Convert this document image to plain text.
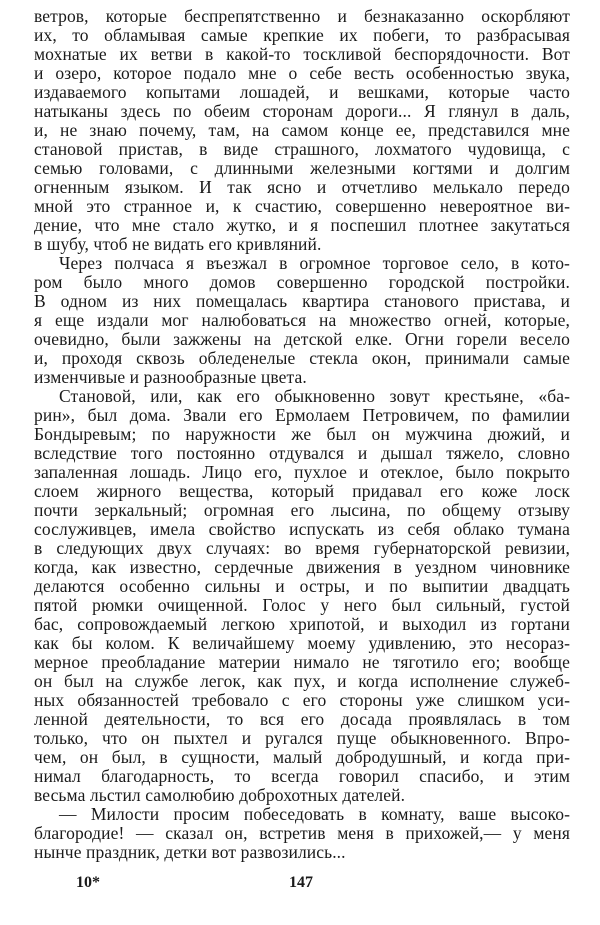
ветров, которые беспрепятственно и безнаказанно оскорбляют
их, то обламывая самые крепкие их побеги, то разбрасывая
мохнатые их ветви в какой-то тоскливой беспорядочности. Вот
и озеро, которое подало мне о себе весть особенностью звука,
издаваемого копытами лошадей, и вешками, которые часто
натыканы здесь по обеим сторонам дороги... Я глянул в даль,
и, не знаю почему, там, на самом конце ее, представился мне
становой пристав, в виде страшного, лохматого чудовища, с
семью головами, с длинными железными когтями и долгим
огненным языком. И так ясно и отчетливо мелькало передо
мной это странное и, к счастию, совершенно невероятное ви-
дение, что мне стало жутко, и я поспешил плотнее закутаться
в шубу, чтоб не видать его кривляний.
Через полчаса я въезжал в огромное торговое село, в кото-
ром было много домов совершенно городской постройки.
В одном из них помещалась квартира станового пристава, и
я еще издали мог налюбоваться на множество огней, которые,
очевидно, были зажжены на детской елке. Огни горели весело
и, проходя сквозь обледенелые стекла окон, принимали самые
изменчивые и разнообразные цвета.
Становой, или, как его обыкновенно зовут крестьяне, «ба-
рин», был дома. Звали его Ермолаем Петровичем, по фамилии
Бондыревым; по наружности же был он мужчина дюжий, и
вследствие того постоянно отдувался и дышал тяжело, словно
запаленная лошадь. Лицо его, пухлое и отеклое, было покрыто
слоем жирного вещества, который придавал его коже лоск
почти зеркальный; огромная его лысина, по общему отзыву
сослуживцев, имела свойство испускать из себя облако тумана
в следующих двух случаях: во время губернаторской ревизии,
когда, как известно, сердечные движения в уездном чиновнике
делаются особенно сильны и остры, и по выпитии двадцать
пятой рюмки очищенной. Голос у него был сильный, густой
бас, сопровождаемый легкою хрипотой, и выходил из гортани
как бы колом. К величайшему моему удивлению, это несораз-
мерное преобладание материи нимало не тяготило его; вообще
он был на службе легок, как пух, и когда исполнение служеб-
ных обязанностей требовало с его стороны уже слишком уси-
ленной деятельности, то вся его досада проявлялась в том
только, что он пыхтел и ругался пуще обыкновенного. Впро-
чем, он был, в сущности, малый добродушный, и когда при-
нимал благодарность, то всегда говорил спасибо, и этим
весьма льстил самолюбию доброхотных дателей.
— Милости просим побеседовать в комнату, ваше высоко-
благородие! — сказал он, встретив меня в прихожей,— у меня
нынче праздник, детки вот развозились...
10*	147
